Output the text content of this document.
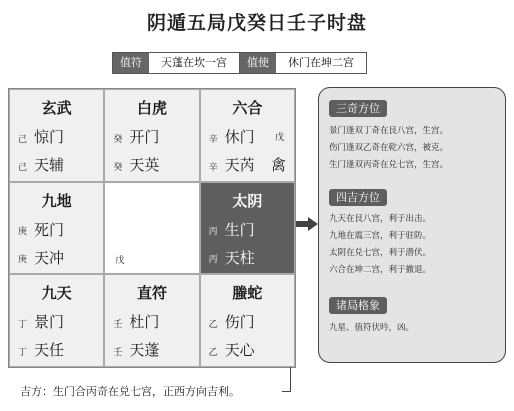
阴遁五局戊癸日壬子时盘
值符	天蓬在坎一宫	值使	休门在坤二宫
玄武
己 惊门
己 天辅
白虎
癸 开门
癸 天英
六合
辛 休门 戊
辛 天芮 禽
九地
庚 死门
庚 天冲	戊
太阴
丙 生门
丙 天柱
九天
丁 景门
丁 天任
直符
壬 杜门
壬 天蓬
螣蛇
乙 伤门
乙 天心
三奇方位
景门逢双丁奇在艮八宫，生宫。
伤门逢双乙奇在乾六宫，被克。
生门逢双丙奇在兑七宫，生宫。
四吉方位
九天在艮八宫，利于出击。
九地在震三宫，利于驻防。
太阴在兑七宫，利于潜伏。
六合在坤二宫，利于撤退。
诸局格象
九星、值符伏吟，凶。
吉方：生门合丙奇在兑七宫，正西方向吉利。
